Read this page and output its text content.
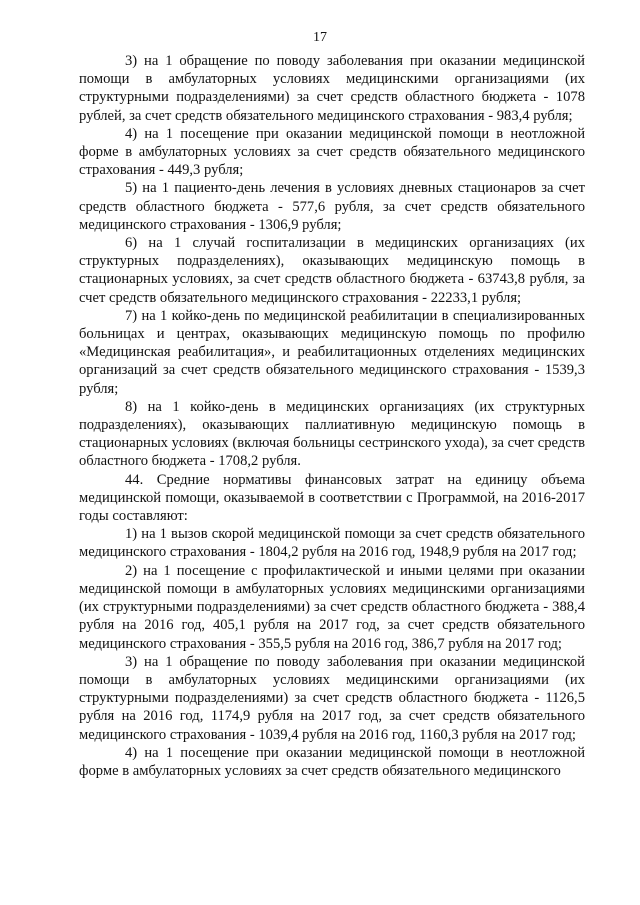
17

3) на 1 обращение по поводу заболевания при оказании медицинской помощи в амбулаторных условиях медицинскими организациями (их структурными подразделениями) за счет средств областного бюджета - 1078 рублей, за счет средств обязательного медицинского страхования - 983,4 рубля;

4) на 1 посещение при оказании медицинской помощи в неотложной форме в амбулаторных условиях за счет средств обязательного медицинского страхования - 449,3 рубля;

5) на 1 пациенто-день лечения в условиях дневных стационаров за счет средств областного бюджета - 577,6 рубля, за счет средств обязательного медицинского страхования - 1306,9 рубля;

6) на 1 случай госпитализации в медицинских организациях (их структурных подразделениях), оказывающих медицинскую помощь в стационарных условиях, за счет средств областного бюджета - 63743,8 рубля, за счет средств обязательного медицинского страхования - 22233,1 рубля;

7) на 1 койко-день по медицинской реабилитации в специализированных больницах и центрах, оказывающих медицинскую помощь по профилю «Медицинская реабилитация», и реабилитационных отделениях медицинских организаций за счет средств обязательного медицинского страхования - 1539,3 рубля;

8) на 1 койко-день в медицинских организациях (их структурных подразделениях), оказывающих паллиативную медицинскую помощь в стационарных условиях (включая больницы сестринского ухода), за счет средств областного бюджета - 1708,2 рубля.

44. Средние нормативы финансовых затрат на единицу объема медицинской помощи, оказываемой в соответствии с Программой, на 2016-2017 годы составляют:

1) на 1 вызов скорой медицинской помощи за счет средств обязательного медицинского страхования - 1804,2 рубля на 2016 год, 1948,9 рубля на 2017 год;

2) на 1 посещение с профилактической и иными целями при оказании медицинской помощи в амбулаторных условиях медицинскими организациями (их структурными подразделениями) за счет средств областного бюджета - 388,4 рубля на 2016 год, 405,1 рубля на 2017 год, за счет средств обязательного медицинского страхования - 355,5 рубля на 2016 год, 386,7 рубля на 2017 год;

3) на 1 обращение по поводу заболевания при оказании медицинской помощи в амбулаторных условиях медицинскими организациями (их структурными подразделениями) за счет средств областного бюджета - 1126,5 рубля на 2016 год, 1174,9 рубля на 2017 год, за счет средств обязательного медицинского страхования - 1039,4 рубля на 2016 год, 1160,3 рубля на 2017 год;

4) на 1 посещение при оказании медицинской помощи в неотложной форме в амбулаторных условиях за счет средств обязательного медицинского
